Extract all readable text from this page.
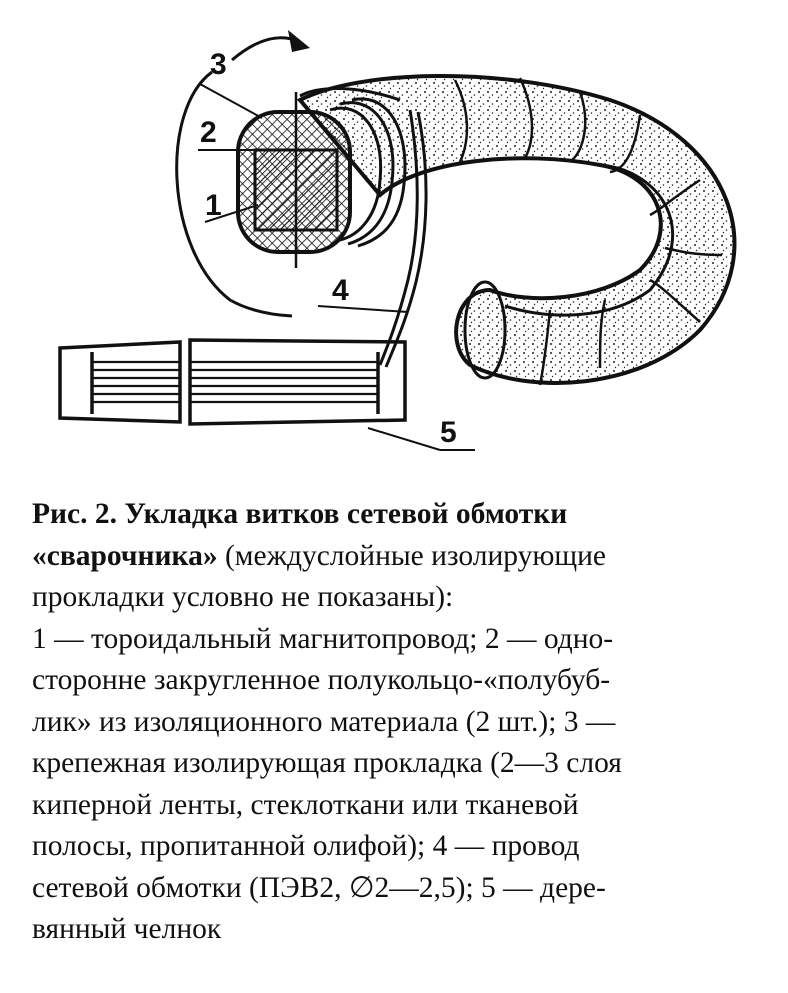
3
2
1
4
5
Рис. 2. Укладка витков сетевой обмотки
«сварочника» (междуслойные изолирующие
прокладки условно не показаны):
1 — тороидальный магнитопровод; 2 — одно-
сторонне закругленное полукольцо-«полубуб-
лик» из изоляционного материала (2 шт.); 3 —
крепежная изолирующая прокладка (2—3 слоя
киперной ленты, стеклоткани или тканевой
полосы, пропитанной олифой); 4 — провод
сетевой обмотки (ПЭВ2, ∅2—2,5); 5 — дере-
вянный челнок
